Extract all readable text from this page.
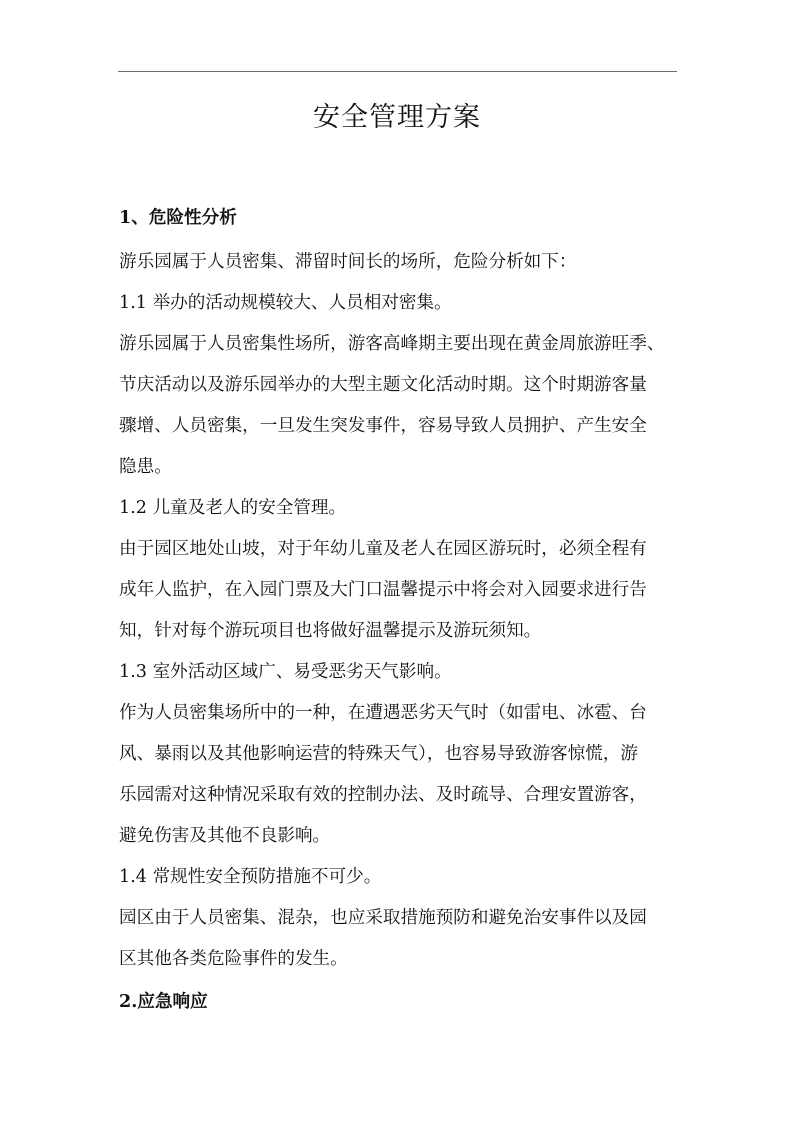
安全管理方案

1、危险性分析

游乐园属于人员密集、滞留时间长的场所，危险分析如下：

1.1 举办的活动规模较大、人员相对密集。

游乐园属于人员密集性场所，游客高峰期主要出现在黄金周旅游旺季、

节庆活动以及游乐园举办的大型主题文化活动时期。这个时期游客量

骤增、人员密集，一旦发生突发事件，容易导致人员拥护、产生安全

隐患。

1.2 儿童及老人的安全管理。

由于园区地处山坡，对于年幼儿童及老人在园区游玩时，必须全程有

成年人监护，在入园门票及大门口温馨提示中将会对入园要求进行告

知，针对每个游玩项目也将做好温馨提示及游玩须知。

1.3 室外活动区域广、易受恶劣天气影响。

作为人员密集场所中的一种，在遭遇恶劣天气时（如雷电、冰雹、台

风、暴雨以及其他影响运营的特殊天气），也容易导致游客惊慌，游

乐园需对这种情况采取有效的控制办法、及时疏导、合理安置游客，

避免伤害及其他不良影响。

1.4 常规性安全预防措施不可少。

园区由于人员密集、混杂，也应采取措施预防和避免治安事件以及园

区其他各类危险事件的发生。

2.应急响应
